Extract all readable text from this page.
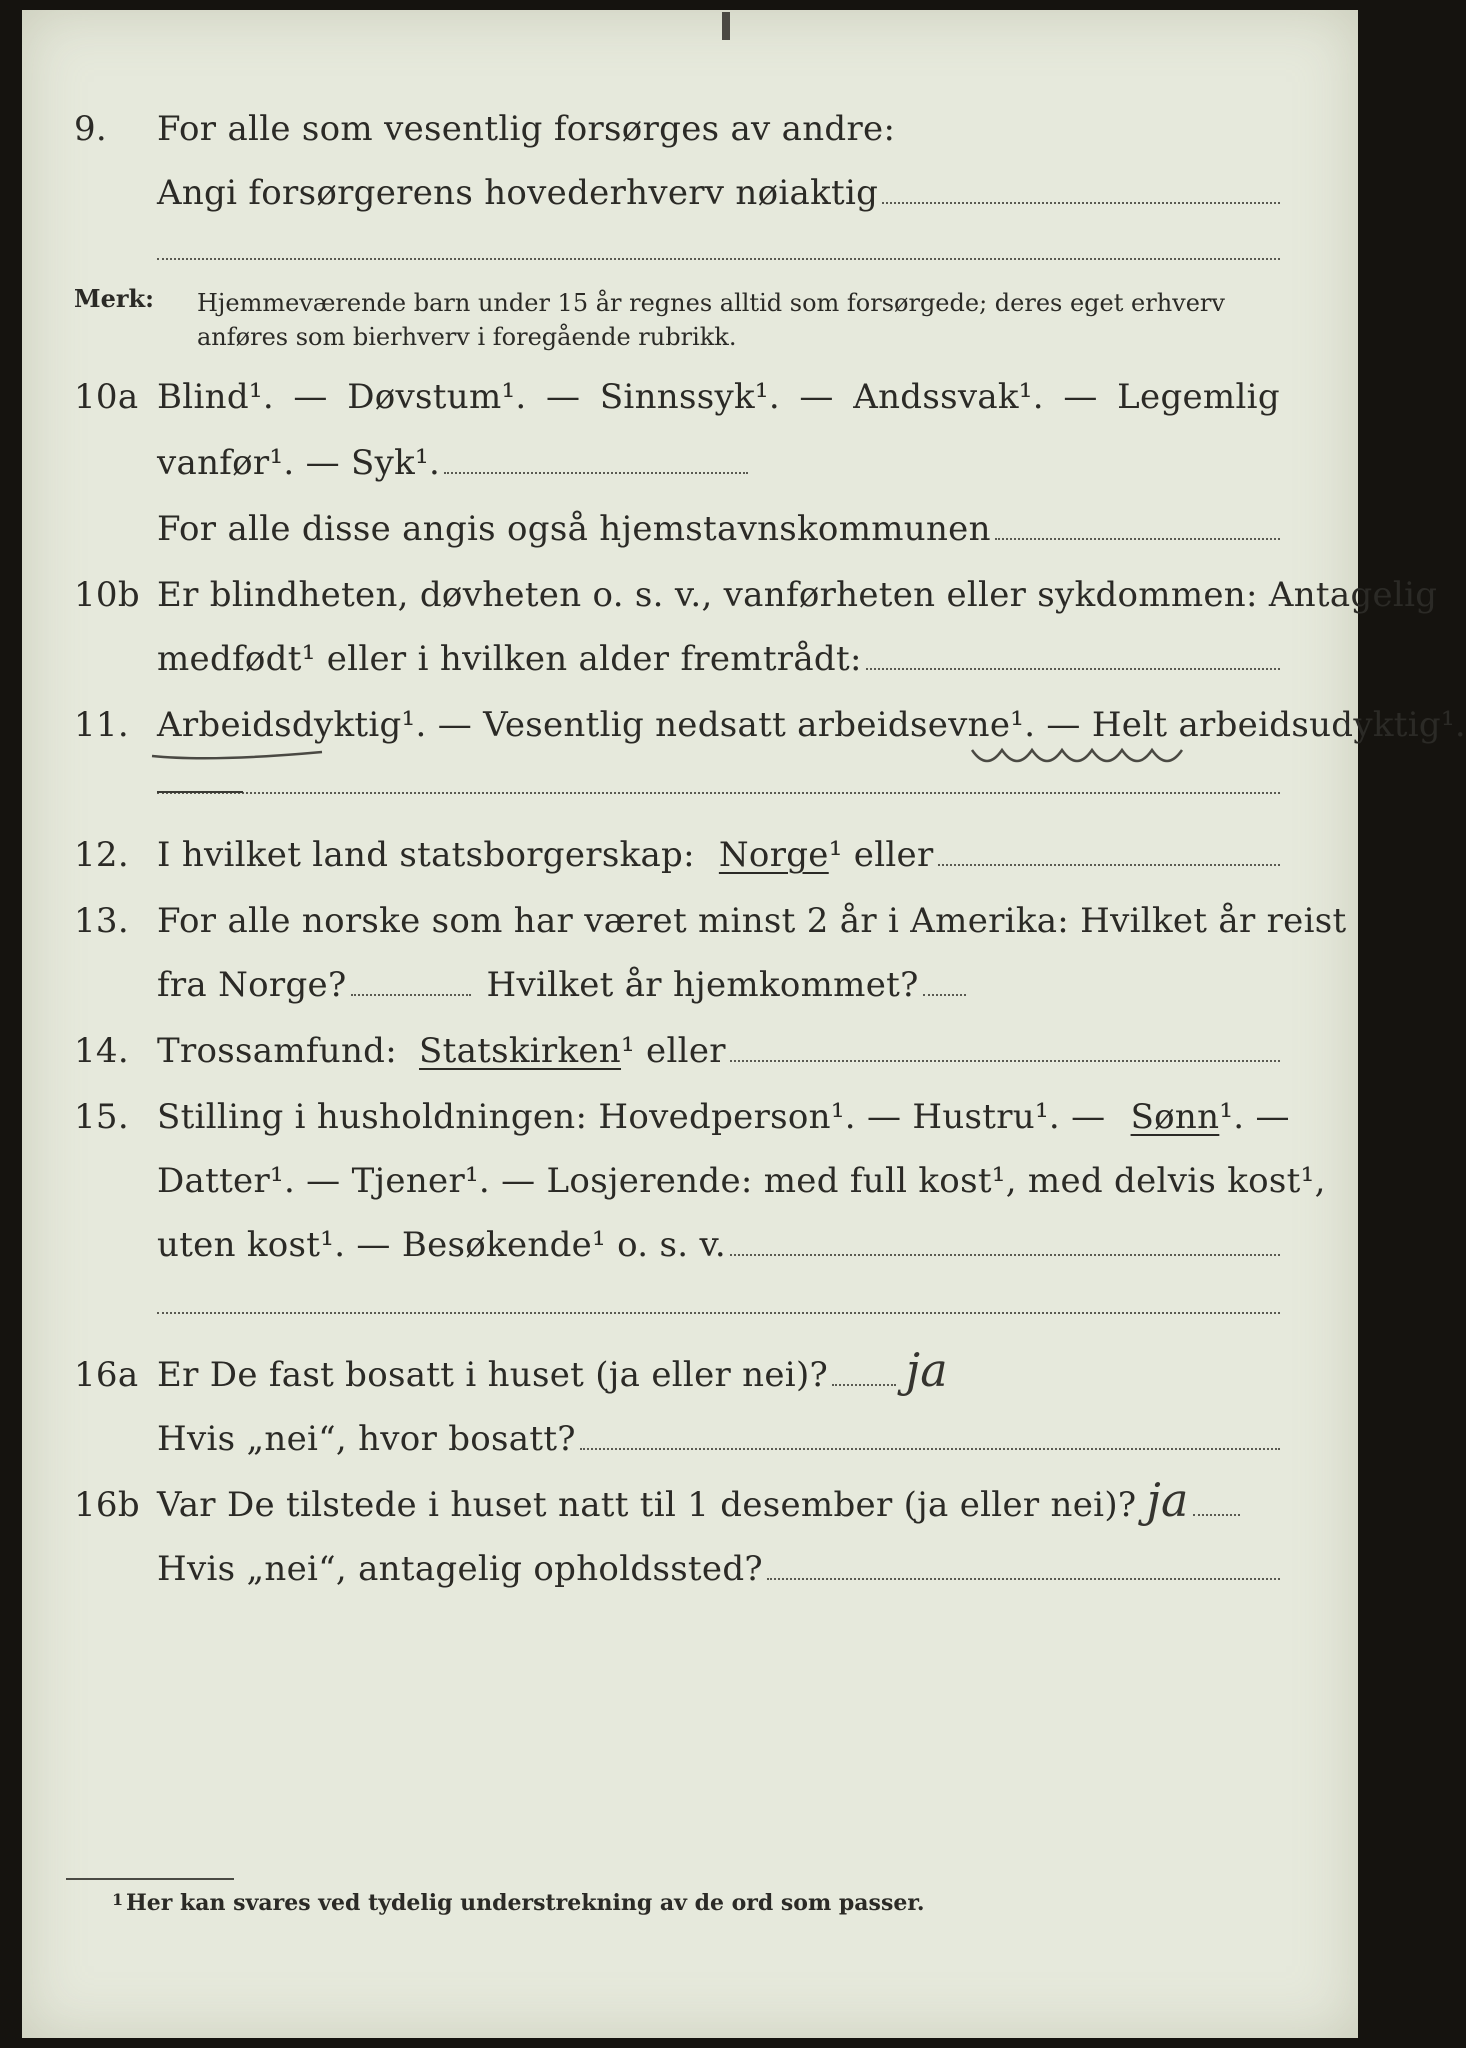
9. For alle som vesentlig forsørges av andre:
Angi forsørgerens hovederhverv nøiaktig
Merk: Hjemmeværende barn under 15 år regnes alltid som forsørgede; deres eget erhverv
anføres som bierhverv i foregående rubrikk.
10a Blind¹. — Døvstum¹. — Sinnssyk¹. — Andssvak¹. — Legemlig
vanfør¹. — Syk¹.
For alle disse angis også hjemstavnskommunen
10b Er blindheten, døvheten o. s. v., vanførheten eller sykdommen: Antagelig
medfødt¹ eller i hvilken alder fremtrådt:
11. Arbeidsdyktig¹. — Vesentlig nedsatt arbeidsevne¹. — Helt arbeidsudyktig¹.
12. I hvilket land statsborgerskap: Norge ¹ eller
13. For alle norske som har været minst 2 år i Amerika: Hvilket år reist
fra Norge?	Hvilket år hjemkommet?
14. Trossamfund: Statskirken ¹ eller
15. Stilling i husholdningen: Hovedperson¹. — Hustru¹. — Sønn¹. —
Datter¹. — Tjener¹. — Losjerende: med full kost¹, med delvis kost¹,
uten kost¹. — Besøkende¹ o. s. v.
16a Er De fast bosatt i huset (ja eller nei)? ja
Hvis „nei“, hvor bosatt?
16b Var De tilstede i huset natt til 1 desember (ja eller nei)? ja
Hvis „nei“, antagelig opholdssted?
1 Her kan svares ved tydelig understrekning av de ord som passer.
